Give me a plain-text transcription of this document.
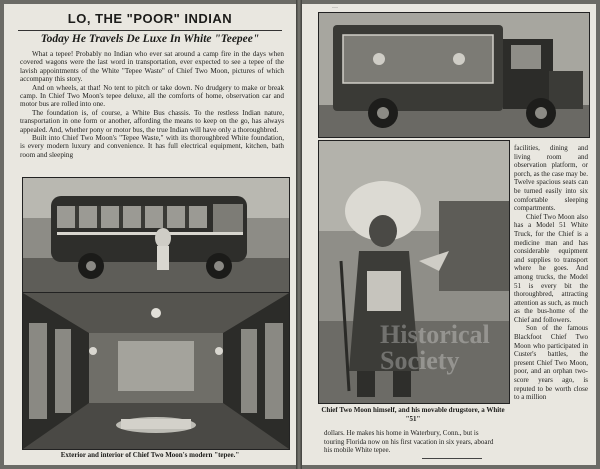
LO, THE "POOR" INDIAN
Today He Travels De Luxe In White "Teepee"

What a tepee! Probably no Indian who ever sat around a camp fire in the days when covered wagons were the last word in transportation, ever expected to see a tepee of the lavish appointments of the White "Tepee Waste" of Chief Two Moon, pictures of which accompany this story.

And on wheels, at that! No tent to pitch or take down. No drudgery to make or break camp. In Chief Two Moon's tepee deluxe, all the comforts of home, observation car and motor bus are rolled into one.

The foundation is, of course, a White Bus chassis. To the restless Indian nature, transportation in one form or another, affording the means to keep on the go, has always appealed. And, whether pony or motor bus, the true Indian will have only a thoroughbred.

Built into Chief Two Moon's "Tepee Waste," with its thoroughbred White foundation, is every modern luxury and convenience. It has full electrical equipment, kitchen, bath room and sleeping

Exterior and interior of Chief Two Moon's modern "tepee."
…
Historical
Society
Chief Two Moon himself, and his movable drugstore, a White "51"

facilities, dining and living room and observation platform, or porch, as the case may be. Twelve spacious seats can be turned easily into six comfortable sleeping compartments.

Chief Two Moon also has a Model 51 White Truck, for the Chief is a medicine man and has considerable equipment and supplies to transport where he goes. And among trucks, the Model 51 is every bit the thoroughbred, attracting attention as such, as much as the bus-home of the Chief and followers.

Son of the famous Blackfoot Chief Two Moon who participated in Custer's battles, the present Chief Two Moon, poor, and an orphan two-score years ago, is reputed to be worth close to a million

dollars. He makes his home in Waterbury, Conn., but is touring Florida now on his first vacation in six years, aboard his mobile White tepee.
